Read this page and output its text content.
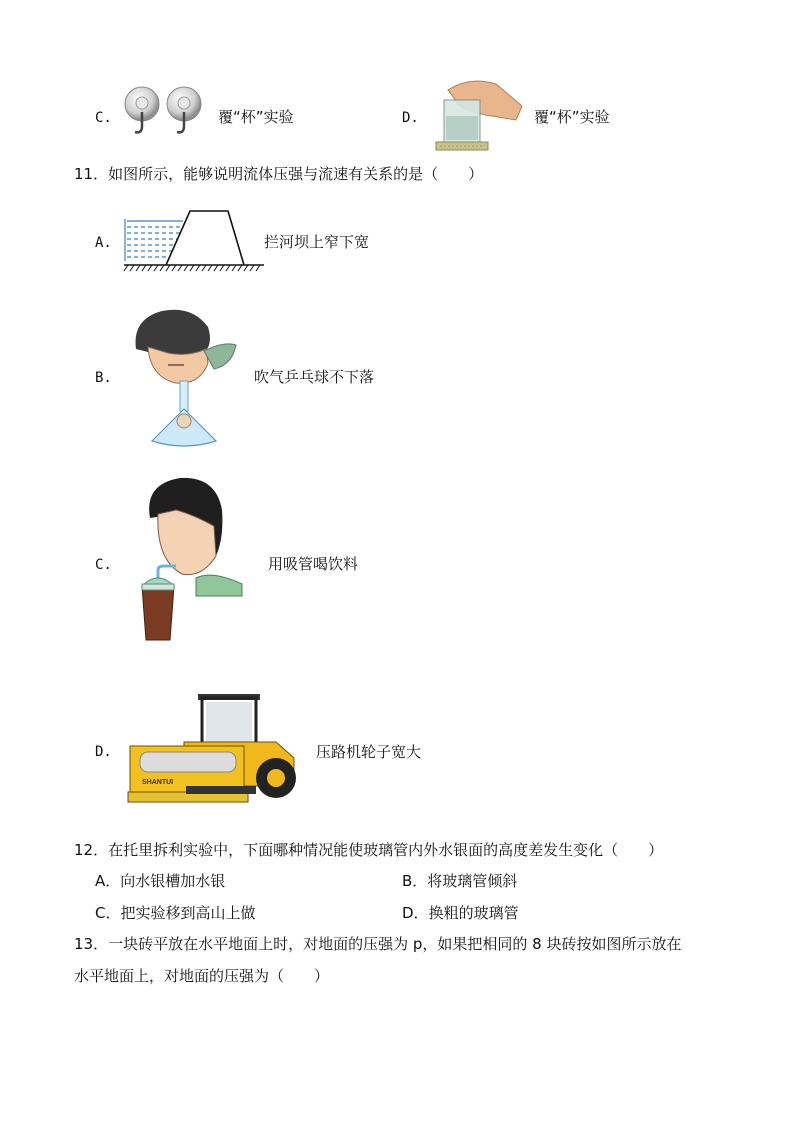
C.	覆“杯”实验	D.	覆“杯”实验
11．如图所示，能够说明流体压强与流速有关系的是（　　）
A.	拦河坝上窄下宽
B.	吹气乒乓球不下落
C.	用吸管喝饮料
D.
SHANTUI
压路机轮子宽大
12．在托里拆利实验中，下面哪种情况能使玻璃管内外水银面的高度差发生变化（　　）
A．向水银槽加水银	B．将玻璃管倾斜
C．把实验移到高山上做	D．换粗的玻璃管
13．一块砖平放在水平地面上时，对地面的压强为 p，如果把相同的 8 块砖按如图所示放在
水平地面上，对地面的压强为（　　）
